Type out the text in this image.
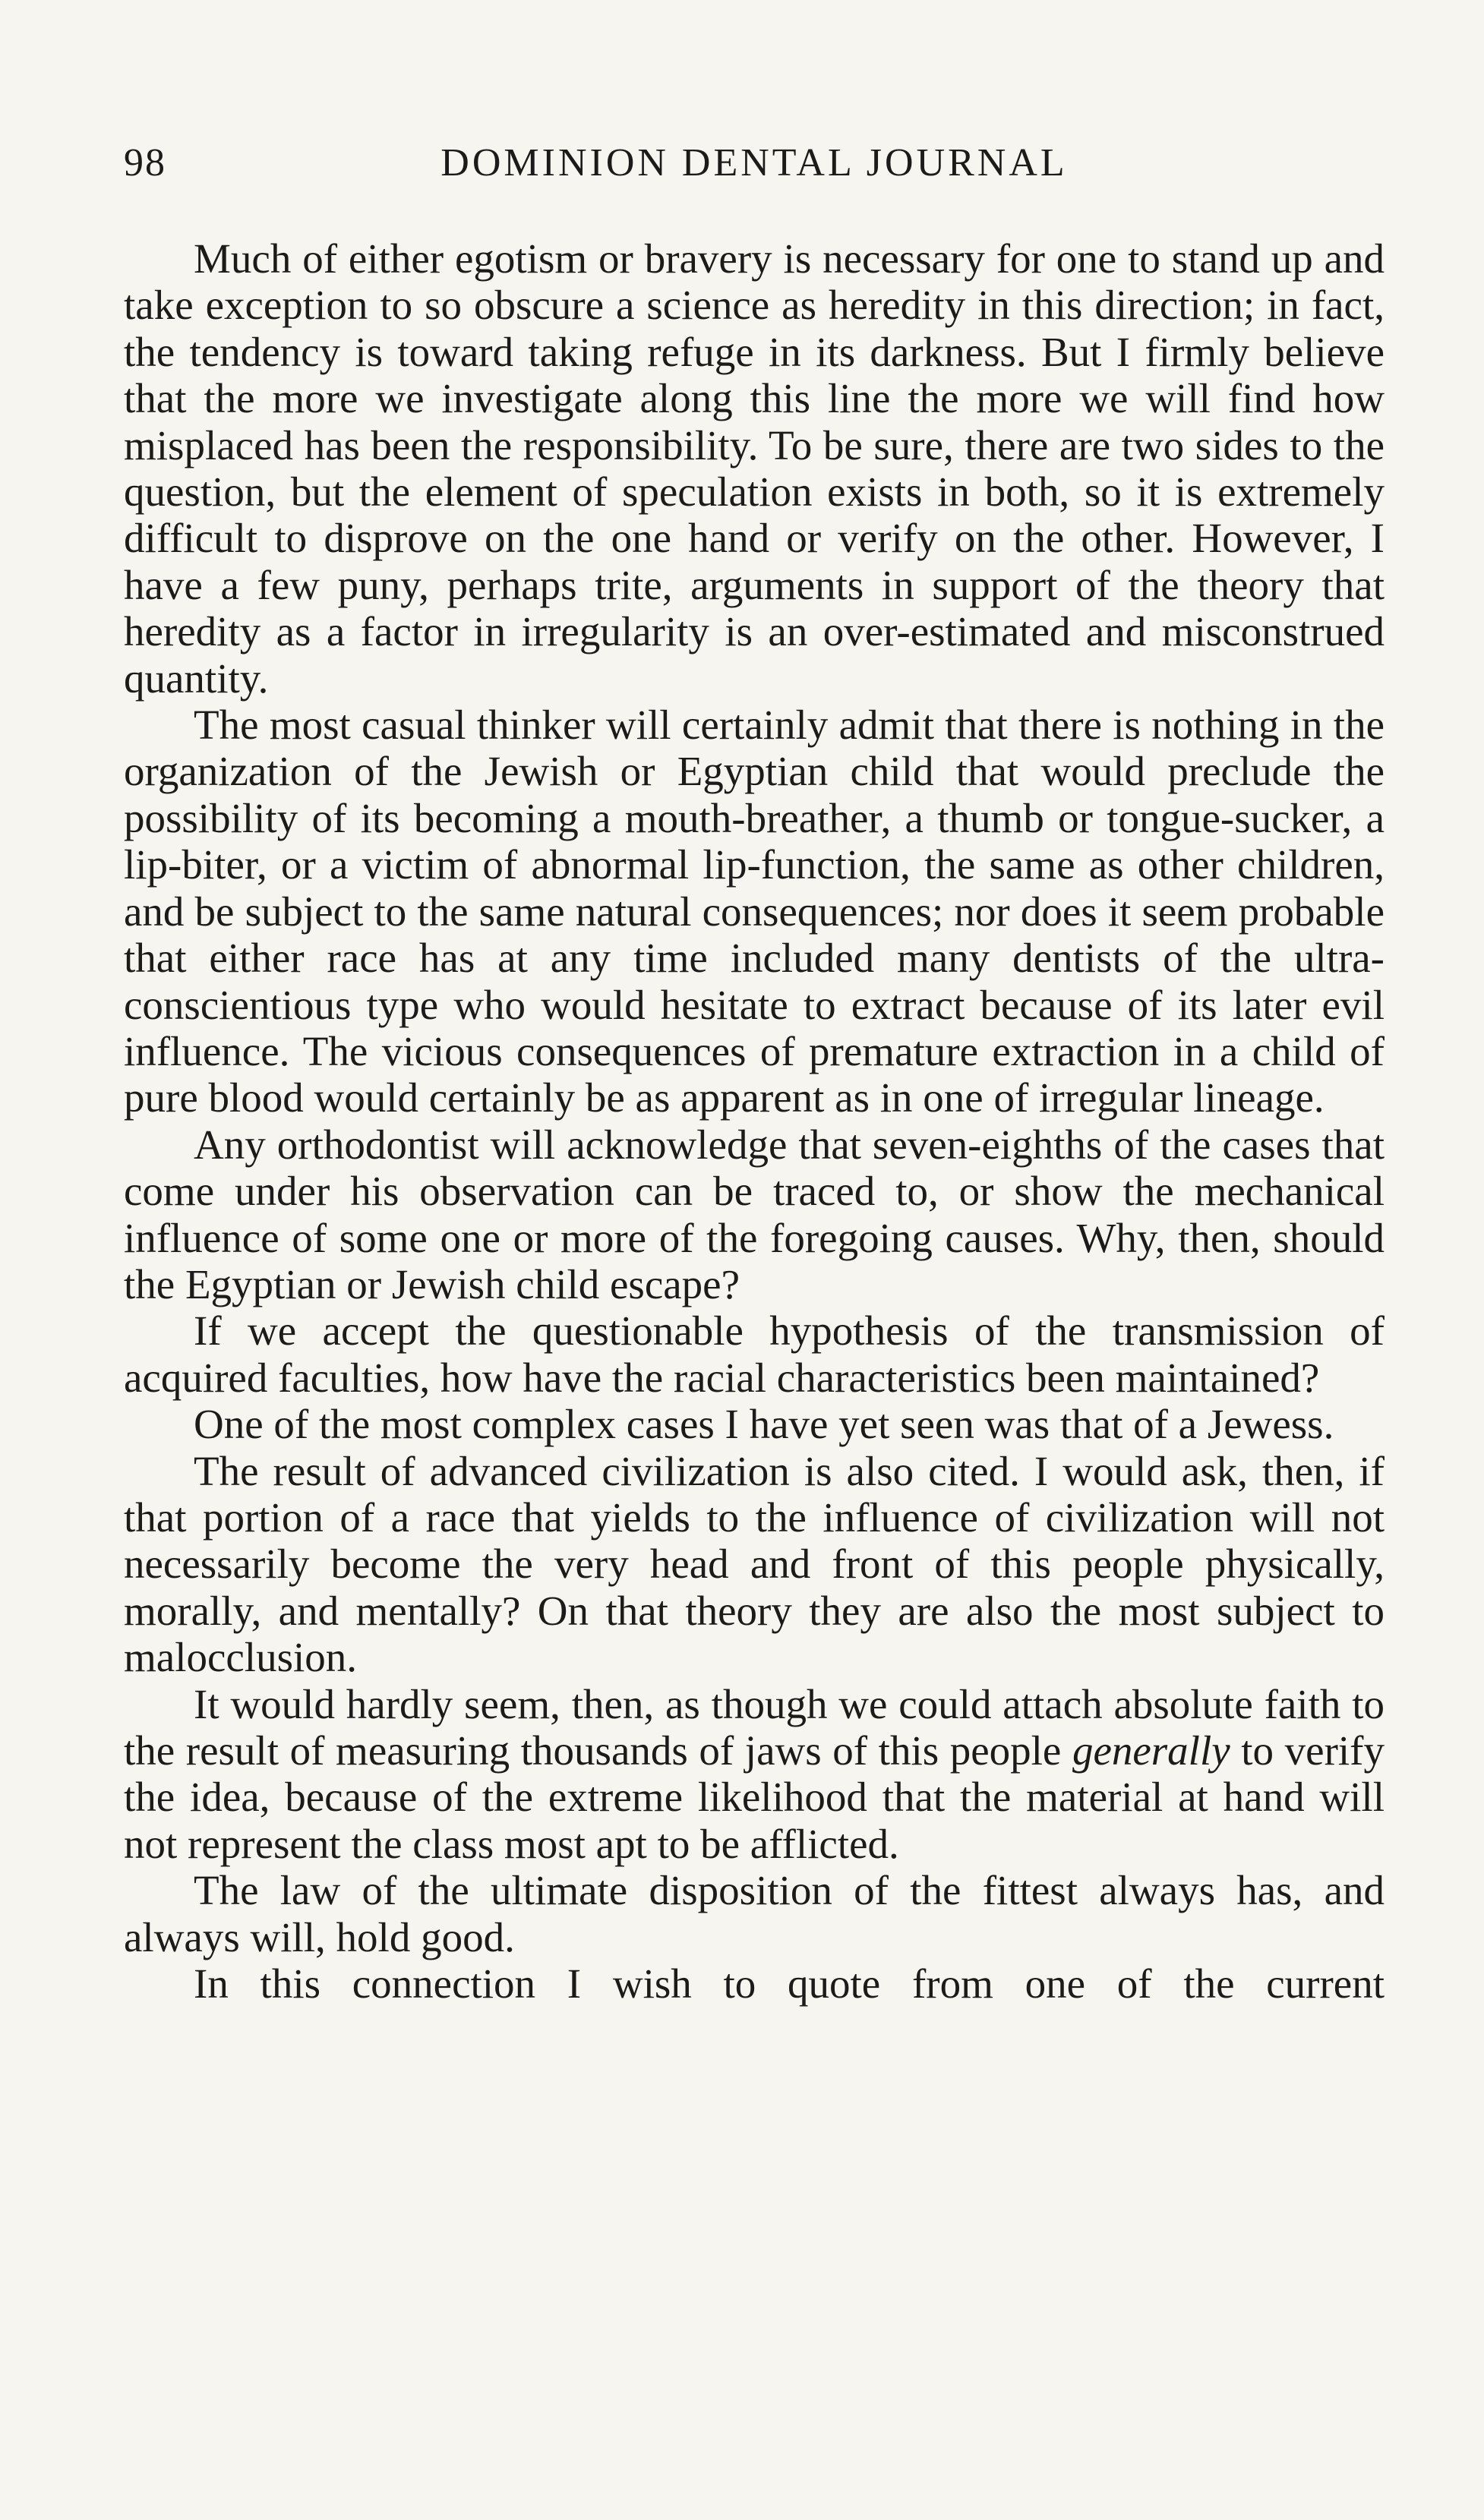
98	DOMINION DENTAL JOURNAL

Much of either egotism or bravery is necessary for one to stand up and take exception to so obscure a science as heredity in this direction; in fact, the tendency is toward taking refuge in its darkness. But I firmly believe that the more we investigate along this line the more we will find how misplaced has been the responsibility. To be sure, there are two sides to the question, but the element of speculation exists in both, so it is extremely difficult to disprove on the one hand or verify on the other. However, I have a few puny, perhaps trite, arguments in support of the theory that heredity as a factor in irregularity is an over-estimated and misconstrued quantity.

The most casual thinker will certainly admit that there is nothing in the organization of the Jewish or Egyptian child that would preclude the possibility of its becoming a mouth-breather, a thumb or tongue-sucker, a lip-biter, or a victim of abnormal lip-function, the same as other children, and be subject to the same natural consequences; nor does it seem probable that either race has at any time included many dentists of the ultra-conscientious type who would hesitate to extract because of its later evil influence. The vicious consequences of premature extraction in a child of pure blood would certainly be as apparent as in one of irregular lineage.

Any orthodontist will acknowledge that seven-eighths of the cases that come under his observation can be traced to, or show the mechanical influence of some one or more of the foregoing causes. Why, then, should the Egyptian or Jewish child escape?

If we accept the questionable hypothesis of the transmission of acquired faculties, how have the racial characteristics been maintained?

One of the most complex cases I have yet seen was that of a Jewess.

The result of advanced civilization is also cited. I would ask, then, if that portion of a race that yields to the influence of civilization will not necessarily become the very head and front of this people physically, morally, and mentally? On that theory they are also the most subject to malocclusion.

It would hardly seem, then, as though we could attach absolute faith to the result of measuring thousands of jaws of this people generally to verify the idea, because of the extreme likelihood that the material at hand will not represent the class most apt to be afflicted.

The law of the ultimate disposition of the fittest always has, and always will, hold good.

In this connection I wish to quote from one of the current
